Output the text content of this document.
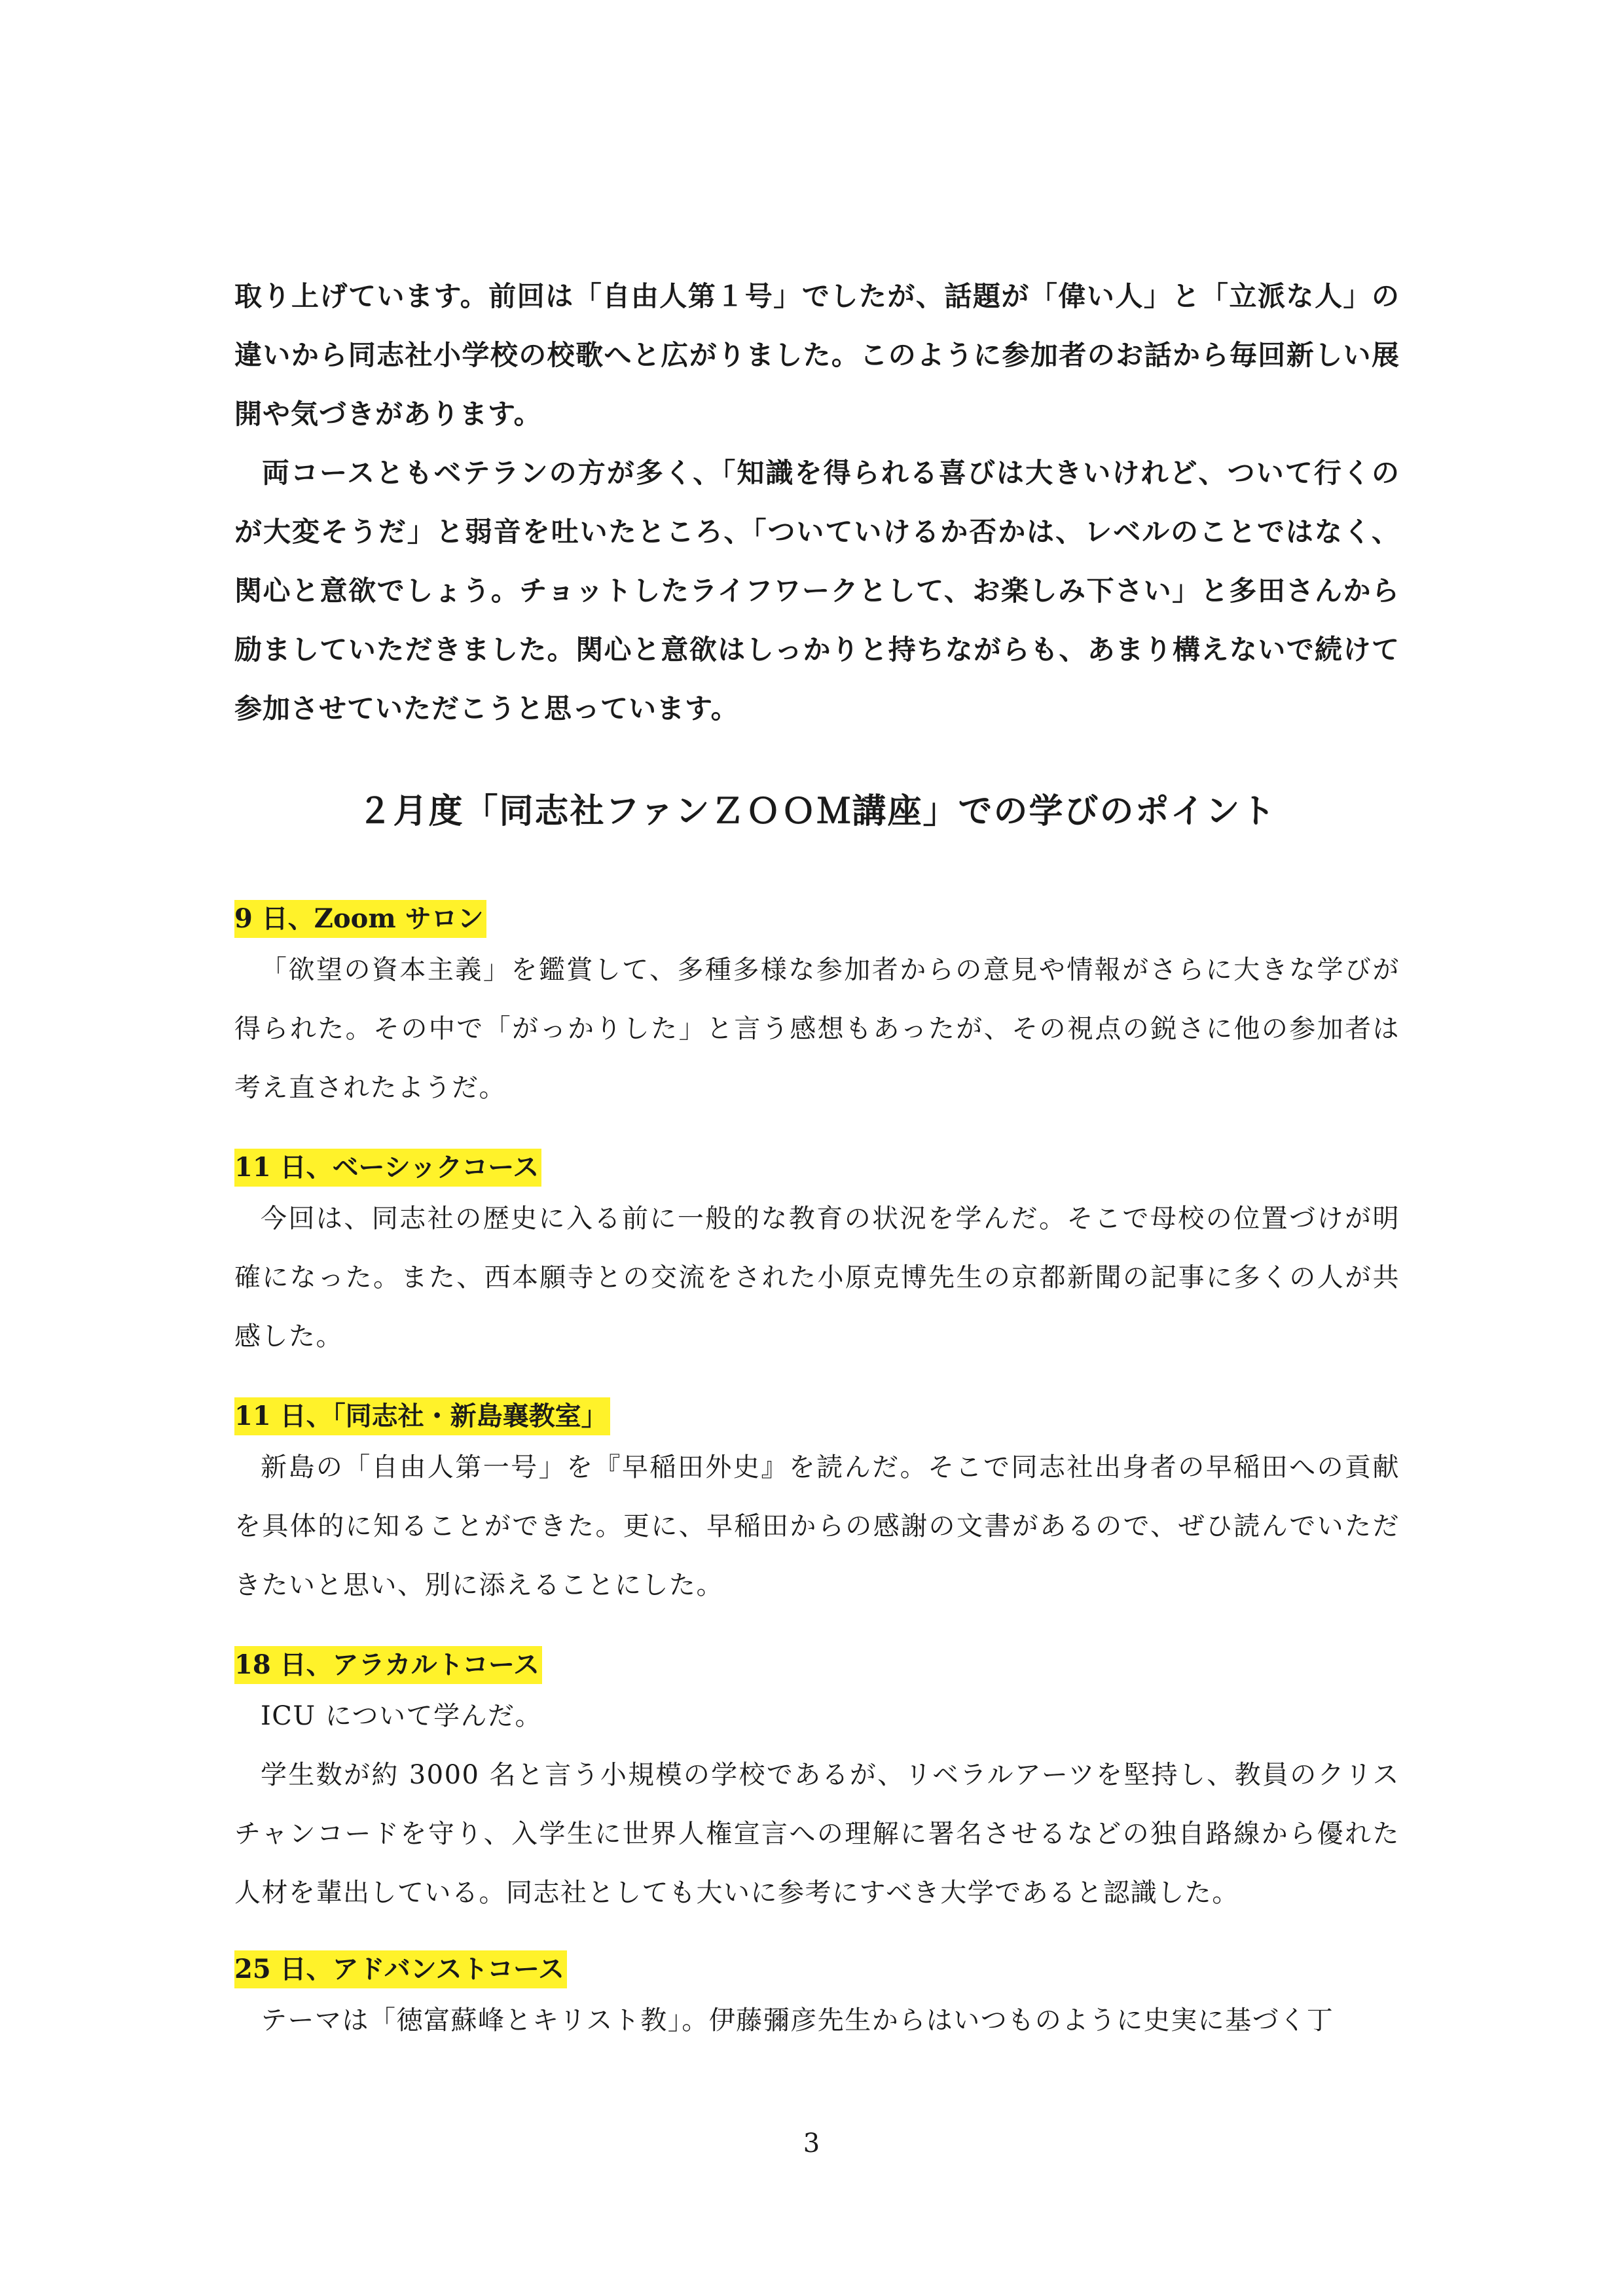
取り上げています。前回は「自由人第１号」でしたが、話題が「偉い人」と「立派な人」の違いから同志社小学校の校歌へと広がりました。このように参加者のお話から毎回新しい展開や気づきがあります。

両コースともベテランの方が多く、「知識を得られる喜びは大きいけれど、ついて行くのが大変そうだ」と弱音を吐いたところ、「ついていけるか否かは、レベルのことではなく、関心と意欲でしょう。チョットしたライフワークとして、お楽しみ下さい」と多田さんから励ましていただきました。関心と意欲はしっかりと持ちながらも、あまり構えないで続けて参加させていただこうと思っています。

２月度「同志社ファンＺＯＯＭ講座」での学びのポイント
9 日、Zoom サロン

「欲望の資本主義」を鑑賞して、多種多様な参加者からの意見や情報がさらに大きな学びが得られた。その中で「がっかりした」と言う感想もあったが、その視点の鋭さに他の参加者は考え直されたようだ。

11 日、ベーシックコース

今回は、同志社の歴史に入る前に一般的な教育の状況を学んだ。そこで母校の位置づけが明確になった。また、西本願寺との交流をされた小原克博先生の京都新聞の記事に多くの人が共感した。

11 日、「同志社・新島襄教室」

新島の「自由人第一号」を『早稲田外史』を読んだ。そこで同志社出身者の早稲田への貢献を具体的に知ることができた。更に、早稲田からの感謝の文書があるので、ぜひ読んでいただきたいと思い、別に添えることにした。

18 日、アラカルトコース

ICU について学んだ。

学生数が約 3000 名と言う小規模の学校であるが、リベラルアーツを堅持し、教員のクリスチャンコードを守り、入学生に世界人権宣言への理解に署名させるなどの独自路線から優れた人材を輩出している。同志社としても大いに参考にすべき大学であると認識した。

25 日、アドバンストコース

テーマは「徳富蘇峰とキリスト教」。伊藤彌彦先生からはいつものように史実に基づく丁

3
